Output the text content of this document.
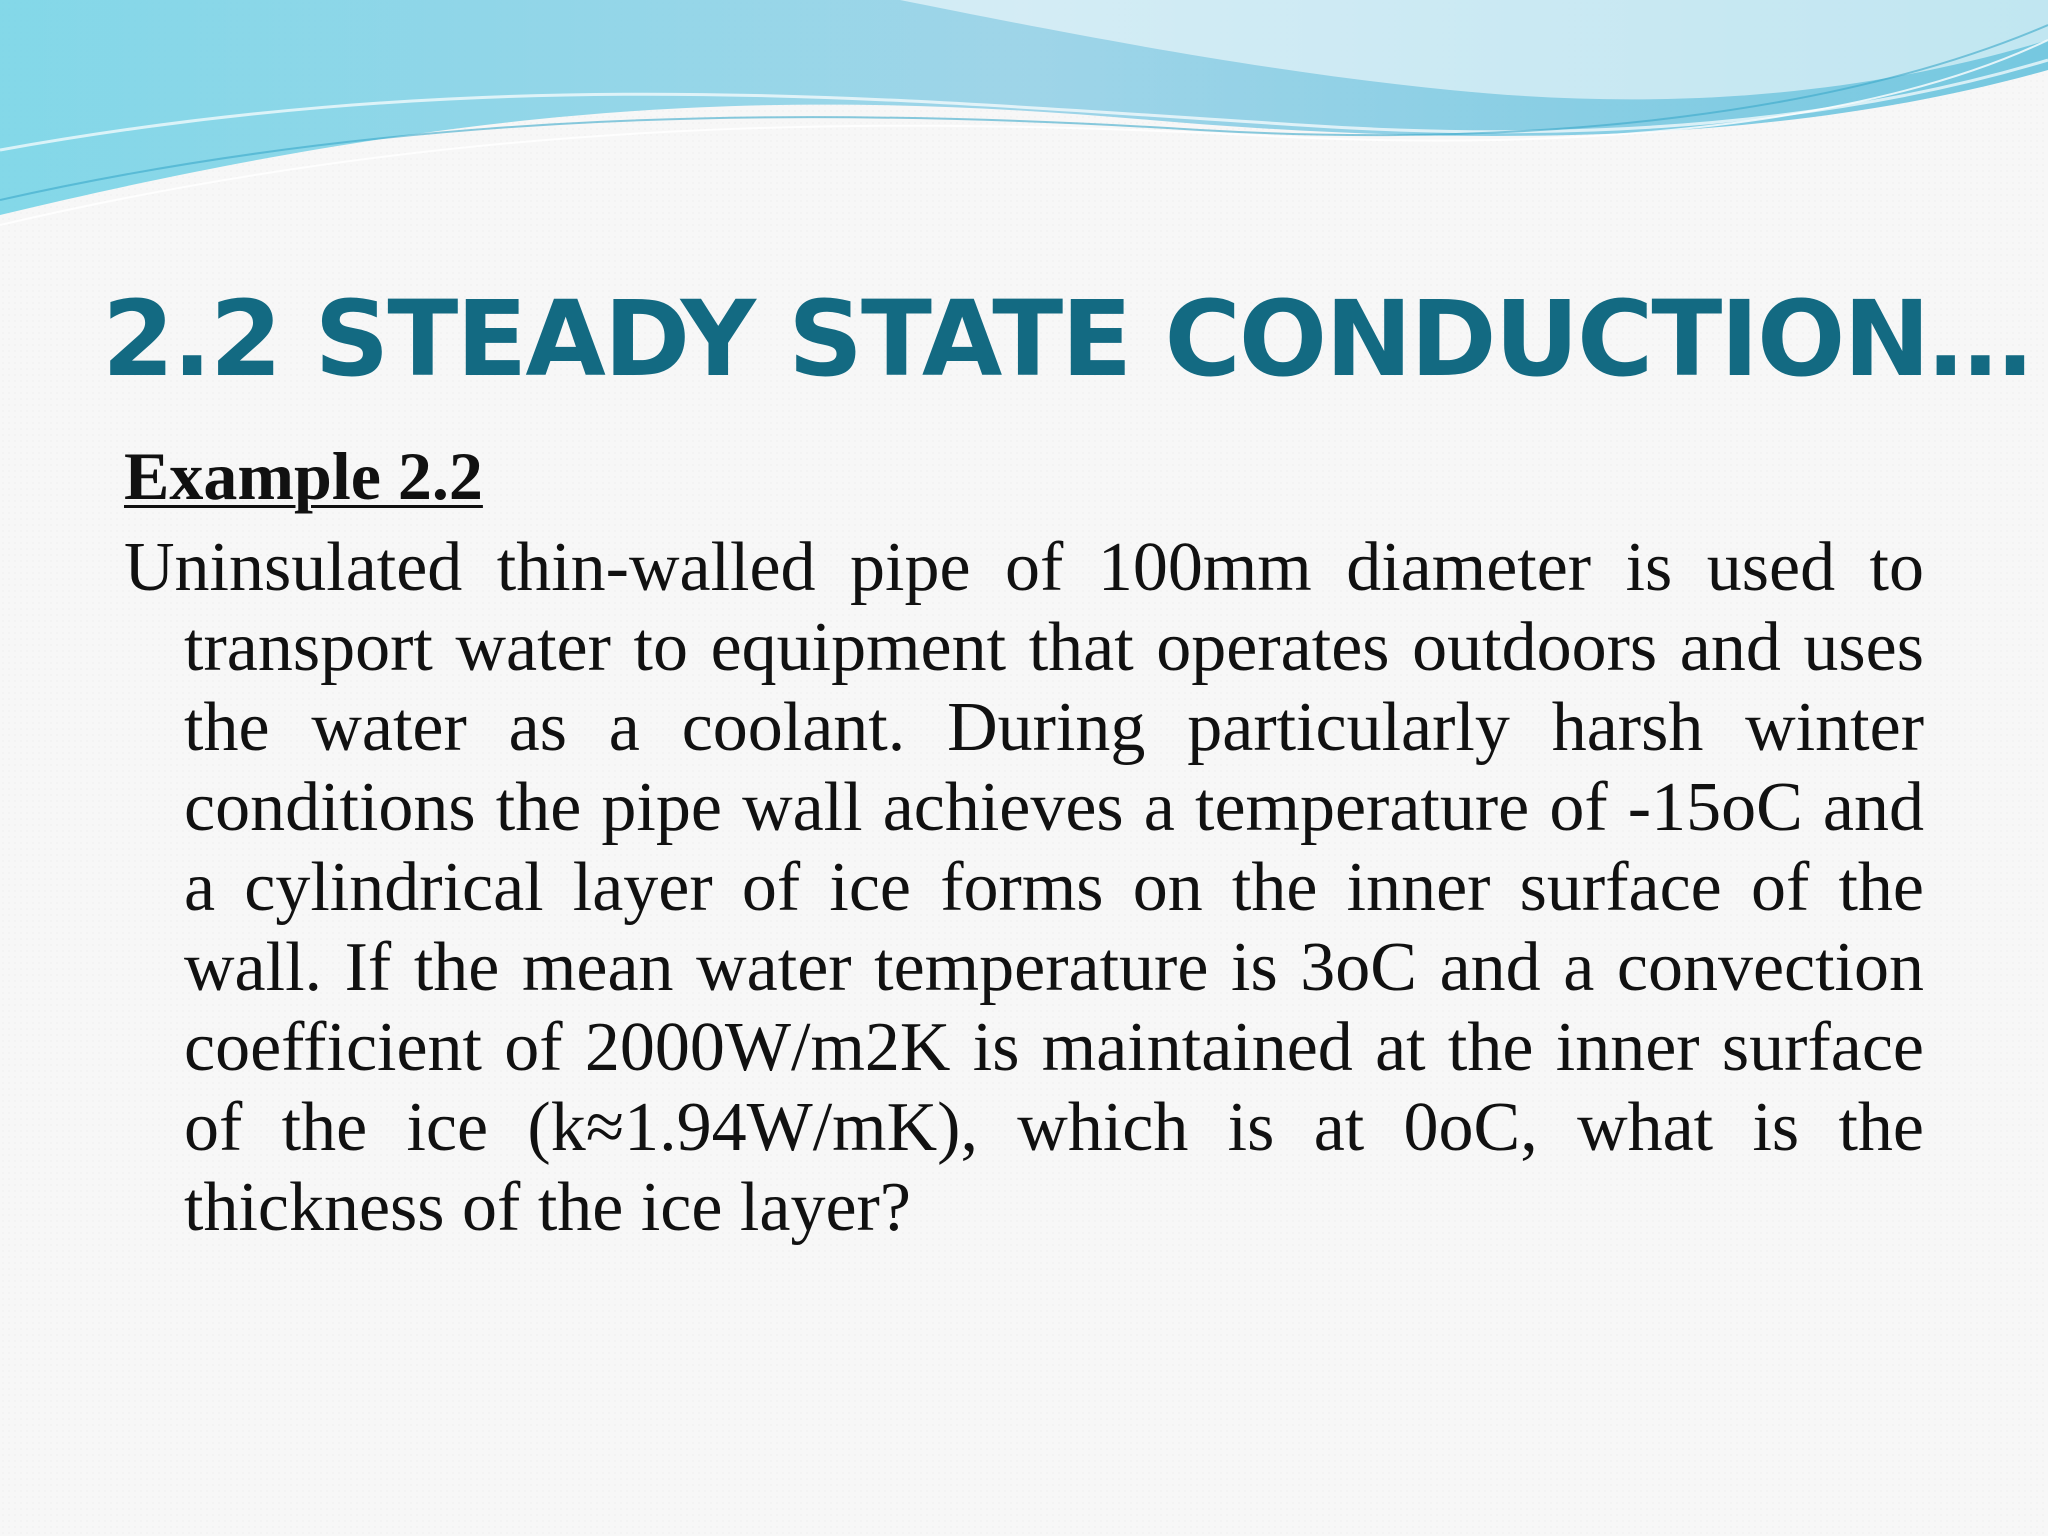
2.2 STEADY STATE CONDUCTION…
Example 2.2

Uninsulated thin-walled pipe of 100mm diameter is used to transport water to equipment that operates outdoors and uses the water as a coolant. During particularly harsh winter conditions the pipe wall achieves a temperature of -15oC and a cylindrical layer of ice forms on the inner surface of the wall. If the mean water temperature is 3oC and a convection coefficient of 2000W/m2K is maintained at the inner surface of the ice (k≈1.94W/mK), which is at 0oC, what is the thickness of the ice layer?
